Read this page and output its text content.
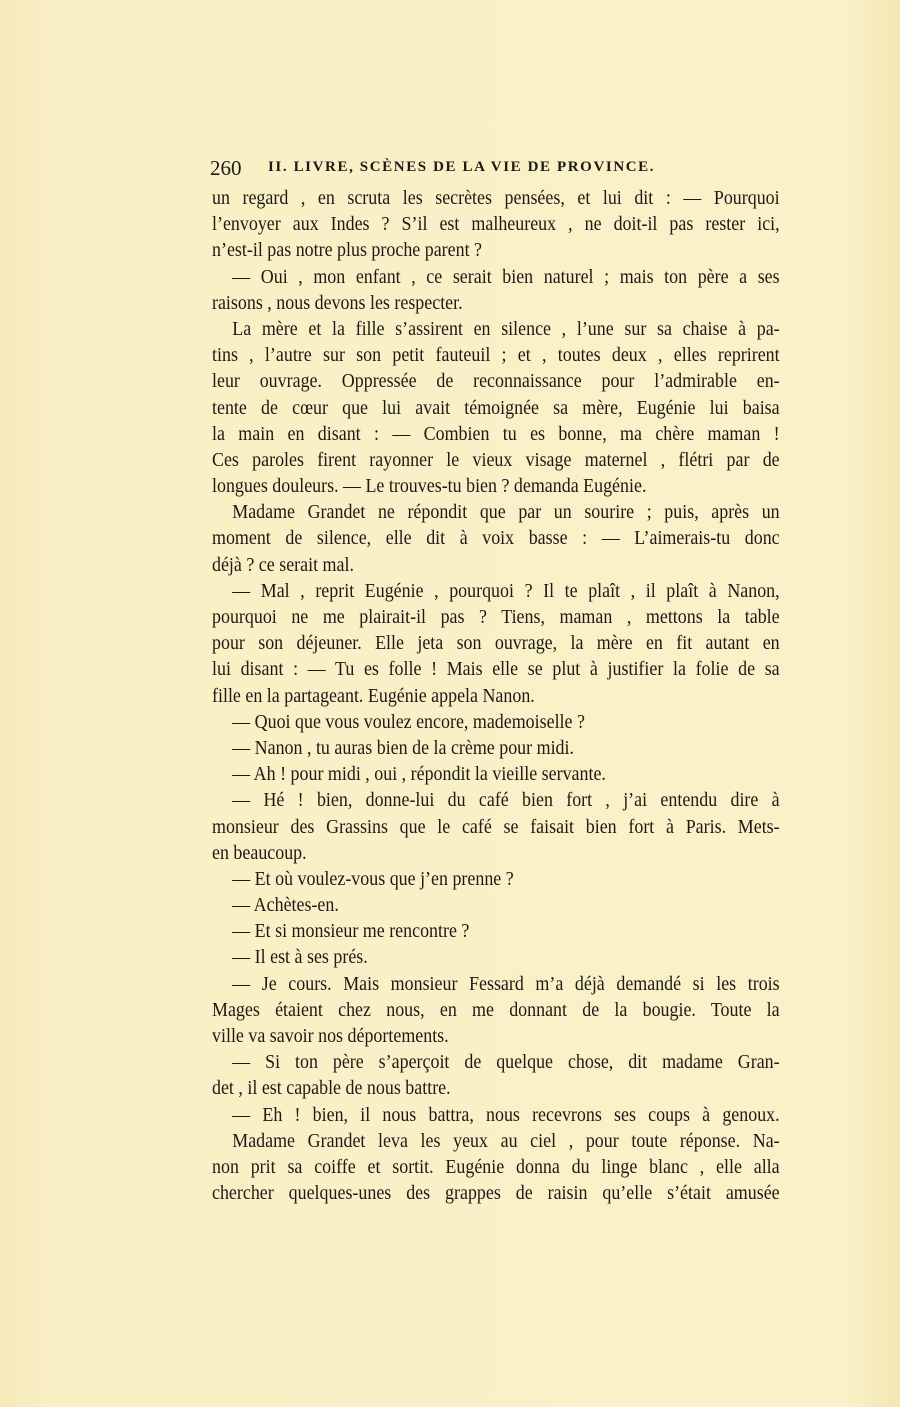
260 II. LIVRE, SCÈNES DE LA VIE DE PROVINCE.
un regard , en scruta les secrètes pensées, et lui dit : — Pourquoi
l’envoyer aux Indes ? S’il est malheureux , ne doit-il pas rester ici,
n’est-il pas notre plus proche parent ?
— Oui , mon enfant , ce serait bien naturel ; mais ton père a ses
raisons , nous devons les respecter.
La mère et la fille s’assirent en silence , l’une sur sa chaise à pa-
tins , l’autre sur son petit fauteuil ; et , toutes deux , elles reprirent
leur ouvrage. Oppressée de reconnaissance pour l’admirable en-
tente de cœur que lui avait témoignée sa mère, Eugénie lui baisa
la main en disant : — Combien tu es bonne, ma chère maman !
Ces paroles firent rayonner le vieux visage maternel , flétri par de
longues douleurs. — Le trouves-tu bien ? demanda Eugénie.
Madame Grandet ne répondit que par un sourire ; puis, après un
moment de silence, elle dit à voix basse : — L’aimerais-tu donc
déjà ? ce serait mal.
— Mal , reprit Eugénie , pourquoi ? Il te plaît , il plaît à Nanon,
pourquoi ne me plairait-il pas ? Tiens, maman , mettons la table
pour son déjeuner. Elle jeta son ouvrage, la mère en fit autant en
lui disant : — Tu es folle ! Mais elle se plut à justifier la folie de sa
fille en la partageant. Eugénie appela Nanon.
— Quoi que vous voulez encore, mademoiselle ?
— Nanon , tu auras bien de la crème pour midi.
— Ah ! pour midi , oui , répondit la vieille servante.
— Hé ! bien, donne-lui du café bien fort , j’ai entendu dire à
monsieur des Grassins que le café se faisait bien fort à Paris. Mets-
en beaucoup.
— Et où voulez-vous que j’en prenne ?
— Achètes-en.
— Et si monsieur me rencontre ?
— Il est à ses prés.
— Je cours. Mais monsieur Fessard m’a déjà demandé si les trois
Mages étaient chez nous, en me donnant de la bougie. Toute la
ville va savoir nos déportements.
— Si ton père s’aperçoit de quelque chose, dit madame Gran-
det , il est capable de nous battre.
— Eh ! bien, il nous battra, nous recevrons ses coups à genoux.
Madame Grandet leva les yeux au ciel , pour toute réponse. Na-
non prit sa coiffe et sortit. Eugénie donna du linge blanc , elle alla
chercher quelques-unes des grappes de raisin qu’elle s’était amusée
